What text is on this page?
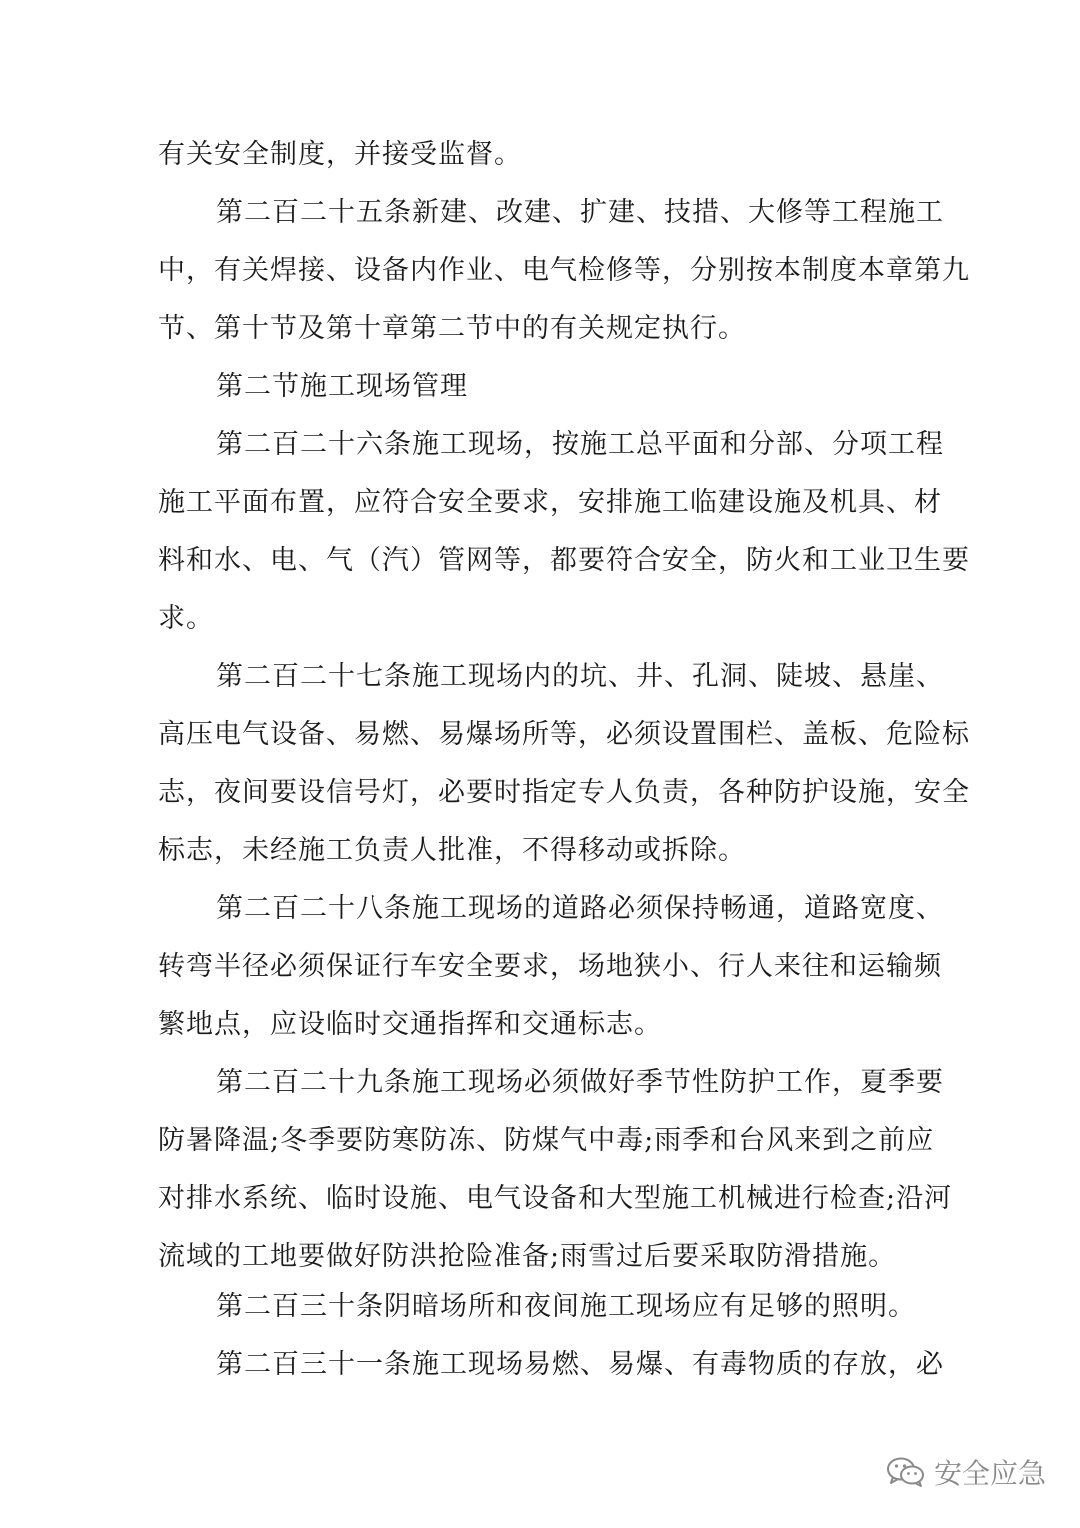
有关安全制度，并接受监督。
第二百二十五条新建、改建、扩建、技措、大修等工程施工
中，有关焊接、设备内作业、电气检修等，分别按本制度本章第九
节、第十节及第十章第二节中的有关规定执行。
第二节施工现场管理
第二百二十六条施工现场，按施工总平面和分部、分项工程
施工平面布置，应符合安全要求，安排施工临建设施及机具、材
料和水、电、气（汽）管网等，都要符合安全，防火和工业卫生要
求。
第二百二十七条施工现场内的坑、井、孔洞、陡坡、悬崖、
高压电气设备、易燃、易爆场所等，必须设置围栏、盖板、危险标
志，夜间要设信号灯，必要时指定专人负责，各种防护设施，安全
标志，未经施工负责人批准，不得移动或拆除。
第二百二十八条施工现场的道路必须保持畅通，道路宽度、
转弯半径必须保证行车安全要求，场地狭小、行人来往和运输频
繁地点，应设临时交通指挥和交通标志。
第二百二十九条施工现场必须做好季节性防护工作，夏季要
防暑降温;冬季要防寒防冻、防煤气中毒;雨季和台风来到之前应
对排水系统、临时设施、电气设备和大型施工机械进行检查;沿河
流域的工地要做好防洪抢险准备;雨雪过后要采取防滑措施。
第二百三十条阴暗场所和夜间施工现场应有足够的照明。
第二百三十一条施工现场易燃、易爆、有毒物质的存放，必
安全应急
